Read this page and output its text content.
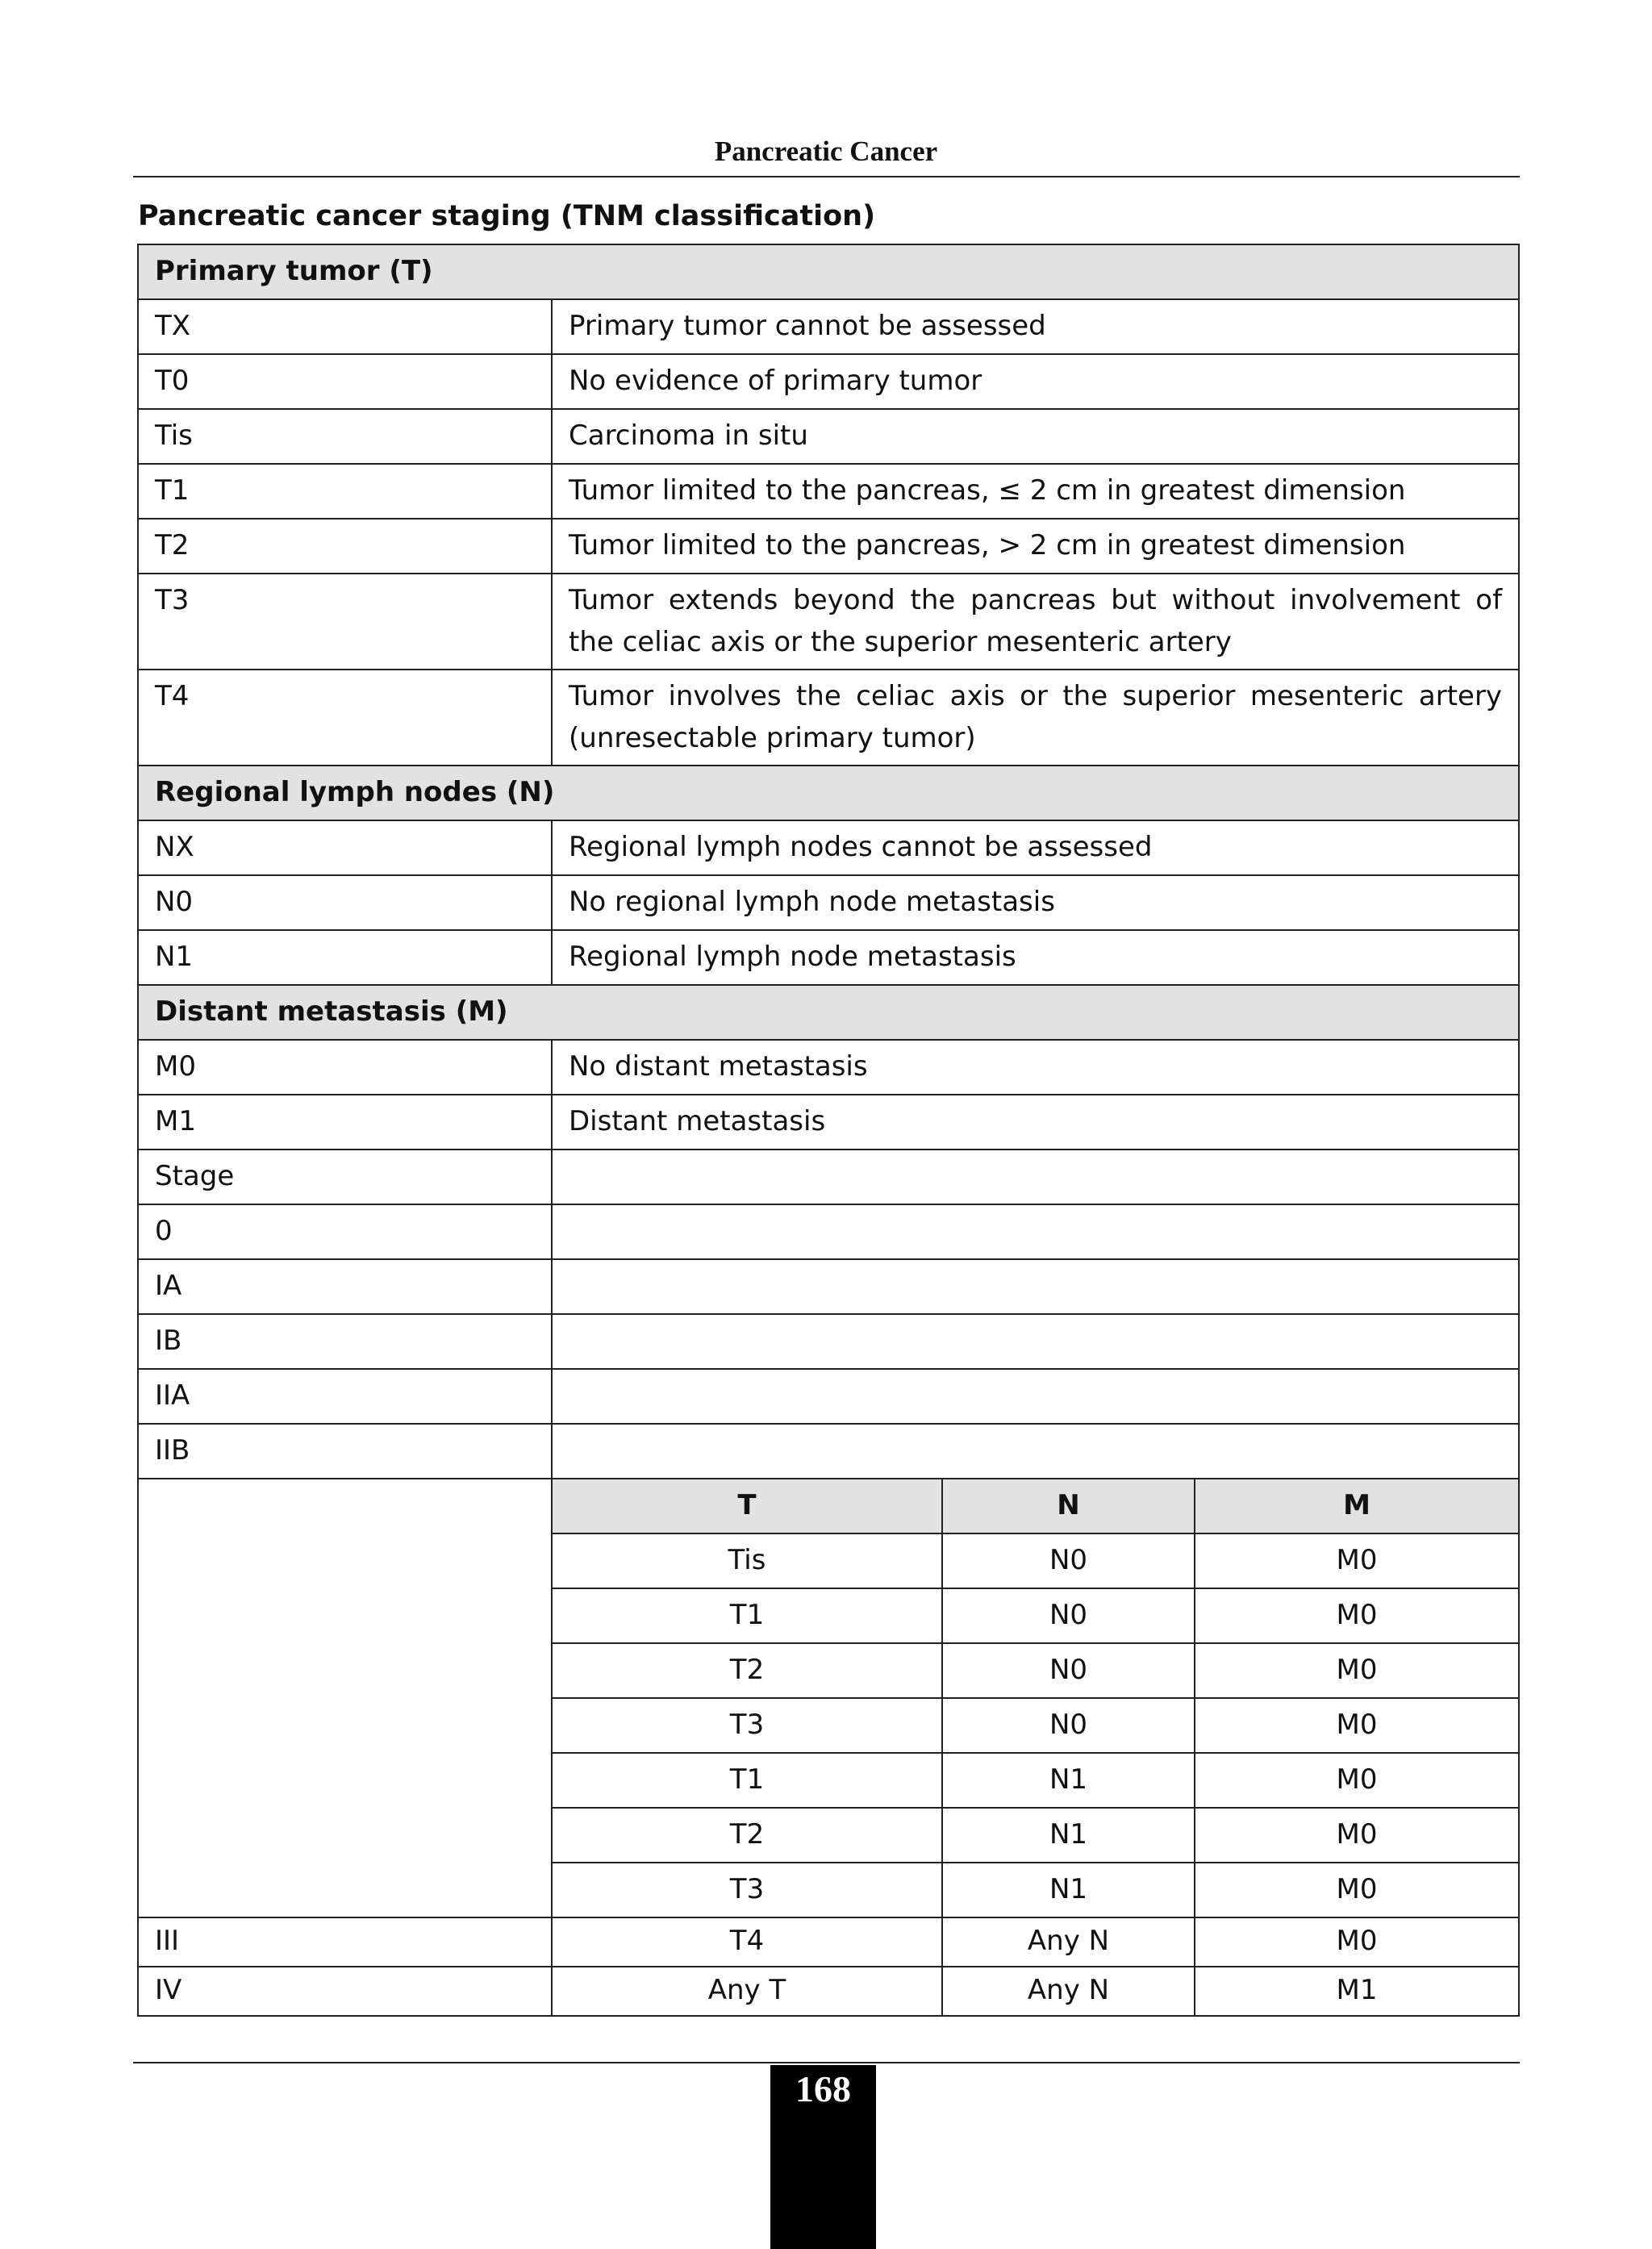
Pancreatic Cancer
Pancreatic cancer staging (TNM classification)
Primary tumor (T)			
TX	Primary tumor cannot be assessed		
T0	No evidence of primary tumor		
Tis	Carcinoma in situ		
T1	Tumor limited to the pancreas, ≤ 2 cm in greatest dimension		
T2	Tumor limited to the pancreas, > 2 cm in greatest dimension		
T3	Tumor extends beyond the pancreas but without involvement of the celiac axis or the superior mesenteric artery		
T4	Tumor involves the celiac axis or the superior mesenteric artery (unresectable primary tumor)		
Regional lymph nodes (N)			
NX	Regional lymph nodes cannot be assessed		
N0	No regional lymph node metastasis		
N1	Regional lymph node metastasis		
Distant metastasis (M)			
M0	No distant metastasis		
M1	Distant metastasis		
Stage			
0			
IA			
IB			
IIA			
IIB			
	T	N	M
	Tis	N0	M0
	T1	N0	M0
	T2	N0	M0
	T3	N0	M0
	T1	N1	M0
	T2	N1	M0
	T3	N1	M0
III	T4	Any N	M0
IV	Any T	Any N	M1
168
